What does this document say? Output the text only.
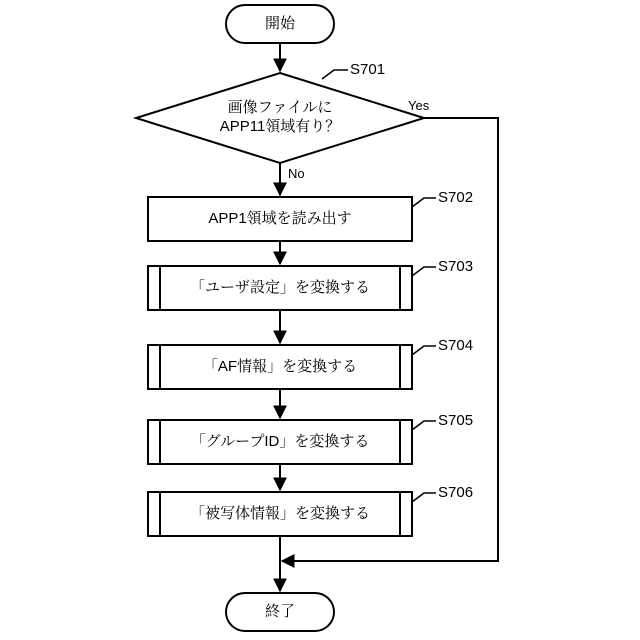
開始
画像ファイルに
APP11領域有り？
APP1領域を読み出す
「ユーザ設定」を変換する
「AF情報」を変換する
「グループID」を変換する
「被写体情報」を変換する
終了
S701
S702
S703
S704
S705
S706
Yes
No
